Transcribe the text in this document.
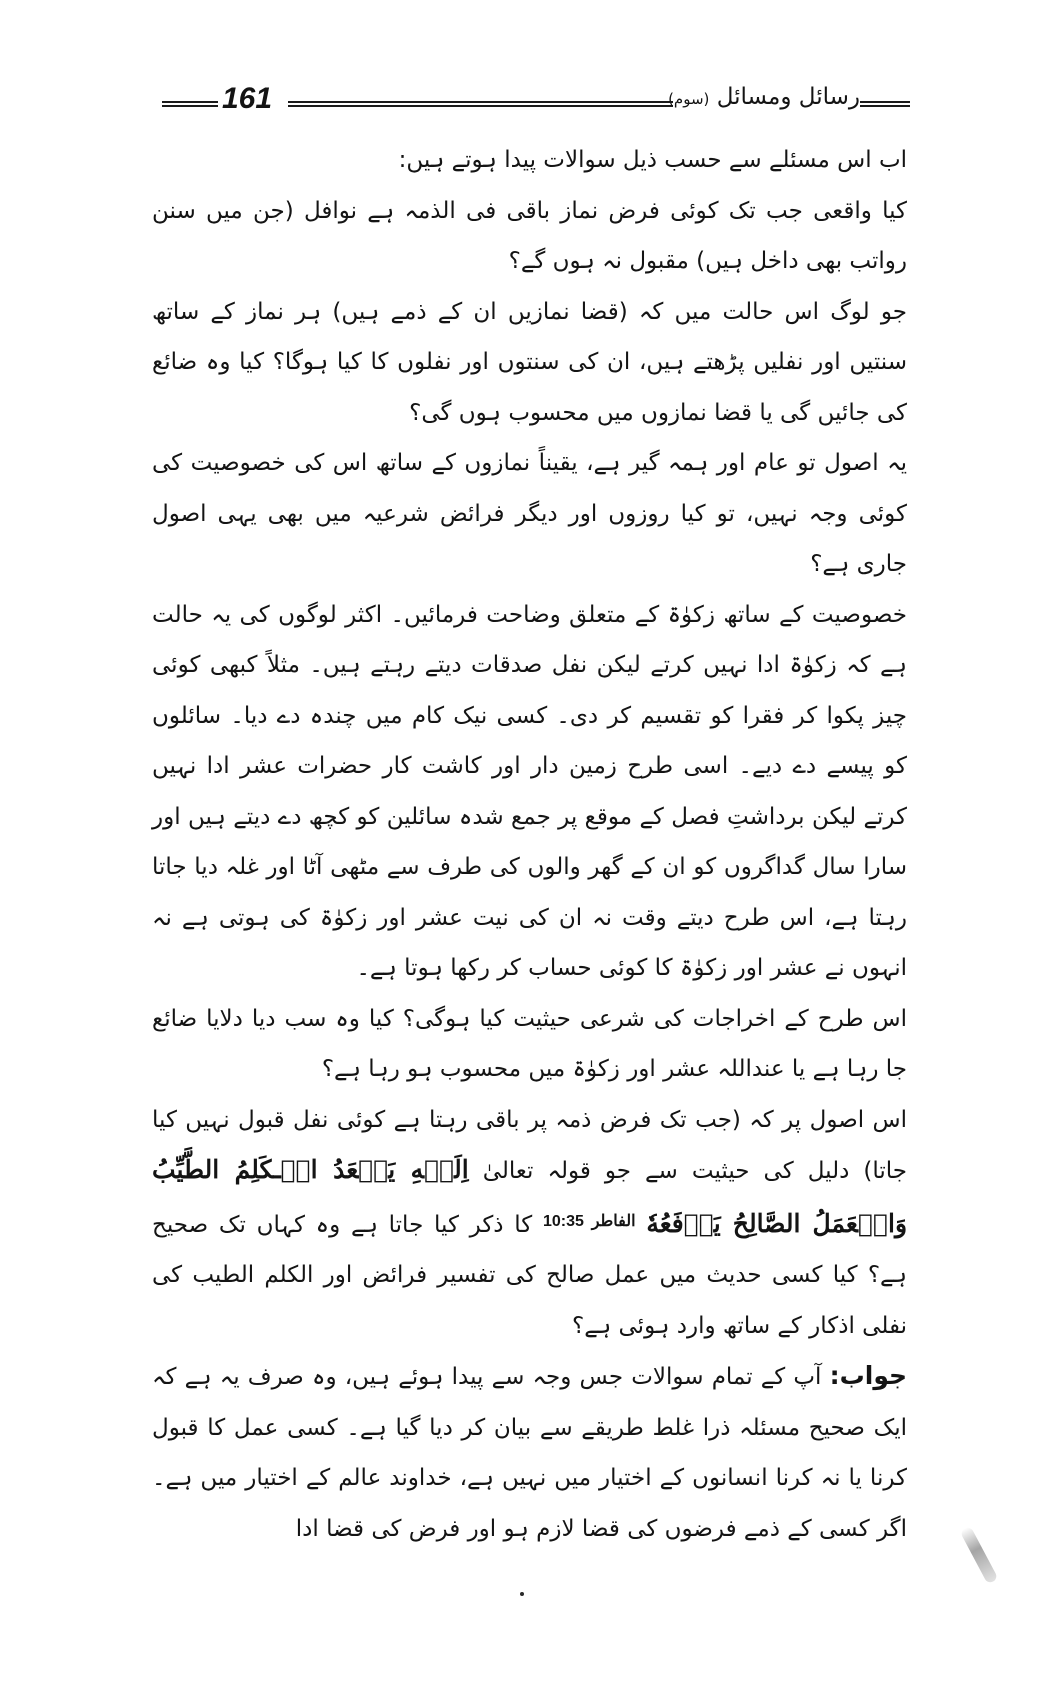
161	رسائل ومسائل (سوم)

اب اس مسئلے سے حسب ذیل سوالات پیدا ہوتے ہیں:

کیا واقعی جب تک کوئی فرض نماز باقی فی الذمہ ہے نوافل (جن میں سنن رواتب بھی داخل ہیں) مقبول نہ ہوں گے؟

جو لوگ اس حالت میں کہ (قضا نمازیں ان کے ذمے ہیں) ہر نماز کے ساتھ سنتیں اور نفلیں پڑھتے ہیں، ان کی سنتوں اور نفلوں کا کیا ہوگا؟ کیا وہ ضائع کی جائیں گی یا قضا نمازوں میں محسوب ہوں گی؟

یہ اصول تو عام اور ہمہ گیر ہے، یقیناً نمازوں کے ساتھ اس کی خصوصیت کی کوئی وجہ نہیں، تو کیا روزوں اور دیگر فرائض شرعیہ میں بھی یہی اصول جاری ہے؟

خصوصیت کے ساتھ زکوٰۃ کے متعلق وضاحت فرمائیں۔ اکثر لوگوں کی یہ حالت ہے کہ زکوٰۃ ادا نہیں کرتے لیکن نفل صدقات دیتے رہتے ہیں۔ مثلاً کبھی کوئی چیز پکوا کر فقرا کو تقسیم کر دی۔ کسی نیک کام میں چندہ دے دیا۔ سائلوں کو پیسے دے دیے۔ اسی طرح زمین دار اور کاشت کار حضرات عشر ادا نہیں کرتے لیکن برداشتِ فصل کے موقع پر جمع شدہ سائلین کو کچھ دے دیتے ہیں اور سارا سال گداگروں کو ان کے گھر والوں کی طرف سے مٹھی آٹا اور غلہ دیا جاتا رہتا ہے، اس طرح دیتے وقت نہ ان کی نیت عشر اور زکوٰۃ کی ہوتی ہے نہ انہوں نے عشر اور زکوٰۃ کا کوئی حساب کر رکھا ہوتا ہے۔

اس طرح کے اخراجات کی شرعی حیثیت کیا ہوگی؟ کیا وہ سب دیا دلایا ضائع جا رہا ہے یا عنداللہ عشر اور زکوٰۃ میں محسوب ہو رہا ہے؟

اس اصول پر کہ (جب تک فرض ذمہ پر باقی رہتا ہے کوئی نفل قبول نہیں کیا جاتا) دلیل کی حیثیت سے جو قولہ تعالیٰ اِلَيۡهِ يَصۡعَدُ الۡـكَلِمُ الطَّيِّبُ وَالۡعَمَلُ الصَّالِحُ يَرۡفَعُهٗ $^{الفاطر 10:35}$ کا ذکر کیا جاتا ہے وہ کہاں تک صحیح ہے؟ کیا کسی حدیث میں عمل صالح کی تفسیر فرائض اور الکلم الطیب کی نفلی اذکار کے ساتھ وارد ہوئی ہے؟

جواب: آپ کے تمام سوالات جس وجہ سے پیدا ہوئے ہیں، وہ صرف یہ ہے کہ ایک صحیح مسئلہ ذرا غلط طریقے سے بیان کر دیا گیا ہے۔ کسی عمل کا قبول کرنا یا نہ کرنا انسانوں کے اختیار میں نہیں ہے، خداوند عالم کے اختیار میں ہے۔ اگر کسی کے ذمے فرضوں کی قضا لازم ہو اور فرض کی قضا ادا
